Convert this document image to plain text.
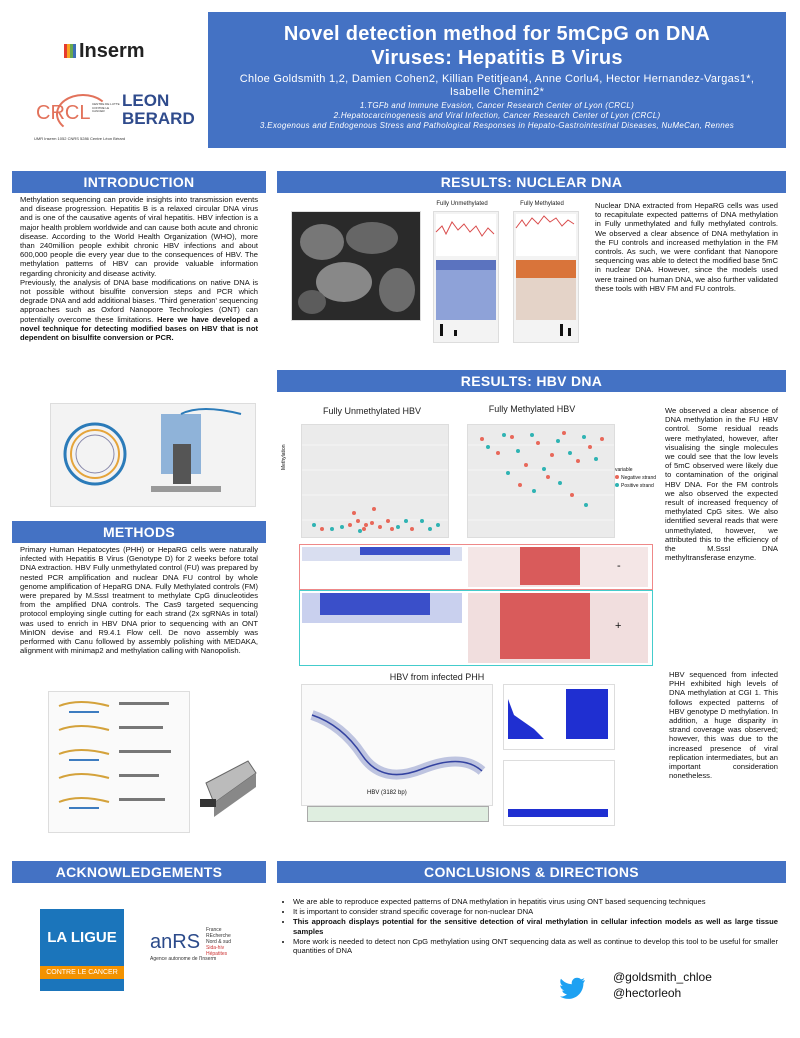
Inserm
CRCL
LEON
BERARD
CENTRE DE LUTTE CONTRE LE CANCER
UMR Inserm 1052 CNRS 5286 Centre Léon Bérard
Novel detection method for 5mCpG on DNA
Viruses: Hepatitis B Virus
Chloe Goldsmith 1,2, Damien Cohen2, Killian Petitjean4, Anne Corlu4, Hector Hernandez-Vargas1*,
Isabelle Chemin2*
1.TGFb and Immune Evasion, Cancer Research Center of Lyon (CRCL)
2.Hepatocarcinogenesis and Viral Infection, Cancer Research Center of Lyon (CRCL)
3.Exogenous and Endogenous Stress and Pathological Responses in Hepato-Gastrointestinal Diseases, NuMeCan, Rennes
INTRODUCTION
Methylation sequencing can provide insights into transmission events and disease progression. Hepatitis B is a relaxed circular DNA virus and is one of the causative agents of viral hepatitis. HBV infection is a major health problem worldwide and can cause both acute and chronic disease. According to the World Health Organization (WHO), more than 240million people exhibit chronic HBV infections and about 600,000 people die every year due to the consequences of HBV. The methylation patterns of HBV can provide valuable information regarding chronicity and disease activity.
Previously, the analysis of DNA base modifications on native DNA is not possible without bisulfite conversion steps and PCR which degrade DNA and add additional biases. 'Third generation' sequencing approaches such as Oxford Nanopore Technologies (ONT) can potentially overcome these limitations. Here we have developed a novel technique for detecting modified bases on HBV that is not dependent on bisulfite conversion or PCR.
METHODS
Primary Human Hepatocytes (PHH) or HepaRG cells were naturally infected with Hepatitis B Virus (Genotype D) for 2 weeks before total DNA extraction. HBV Fully unmethylated control (FU) was prepared by nested PCR amplification and nuclear DNA FU control by whole genome amplification of HepaRG DNA. Fully Methylated controls (FM) were prepared by M.SssI treatment to methylate CpG dinucleotides from the amplified DNA controls. The Cas9 targeted sequencing protocol employing single cutting for each strand (2x sgRNAs in total) was used to enrich in HBV DNA prior to sequencing with an ONT MinION devise and R9.4.1 Flow cell. De novo assembly was performed with Canu followed by assembly polishing with MEDAKA, alignment with minimap2 and methylation calling with Nanopolish.
RESULTS: NUCLEAR DNA
Fully Unmethylated	Fully Methylated	Nuclear DNA extracted from HepaRG cells was used to recapitulate expected patterns of DNA methylation in Fully unmethylated and fully methylated controls. We observed a clear absence of DNA methylation in the FU controls and increased methylation in the FM controls. As such, we were confidant that Nanopore sequencing was able to detect the modified base 5mC in nuclear DNA. However, since the models used were trained on human DNA, we also further validated these tools with HBV FM and FU controls.
RESULTS: HBV DNA
Fully Unmethylated HBV	Fully Methylated HBV
Methylation	variable
Negative strand
Positive strand
-
+
We observed a clear absence of DNA methylation in the FU HBV control. Some residual reads were methylated, however, after visualising the single molecules we could see that the low levels of 5mC observed were likely due to contamination of the original HBV DNA. For the FM controls we also observed the expected result of increased frequency of methylated CpG sites. We also identified several reads that were unmethylated, however, we attributed this to the efficiency of the M.SssI DNA methyltransferase enzyme.
HBV from infected PHH
HBV (3182 bp)
HBV sequenced from infected PHH exhibited high levels of DNA methylation at CGI 1. This follows expected patterns of HBV genotype D methylation. In addition, a huge disparity in strand coverage was observed; however, this was due to the increased presence of viral replication intermediates, but an important consideration nonetheless.
ACKNOWLEDGEMENTS
LA LIGUE
CONTRE LE CANCER
anRS
France
REcherche
Nord & sud
Sida-hiv
Hépatites
Agence autonome de l'Inserm
CONCLUSIONS & DIRECTIONS
• We are able to reproduce expected patterns of DNA methylation in hepatitis virus using ONT based sequencing techniques
• It is important to consider strand specific coverage for non-nuclear DNA
• This approach displays potential for the sensitive detection of viral methylation in cellular infection models as well as large tissue samples
• More work is needed to detect non CpG methylation using ONT sequencing data as well as continue to develop this tool to be useful for smaller quantities of DNA
@goldsmith_chloe
@hectorleoh
